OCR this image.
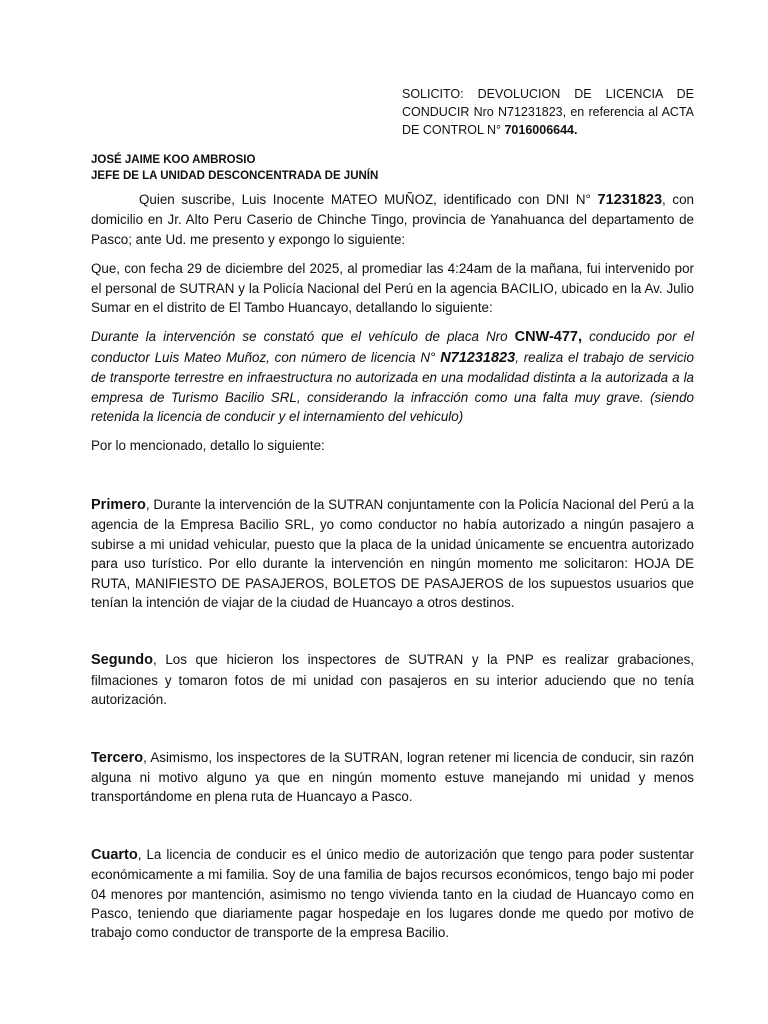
SOLICITO: DEVOLUCION DE LICENCIA DE CONDUCIR Nro N71231823, en referencia al ACTA DE CONTROL N° 7016006644.
JOSÉ JAIME KOO AMBROSIO
JEFE DE LA UNIDAD DESCONCENTRADA DE JUNÍN

Quien suscribe, Luis Inocente MATEO MUÑOZ, identificado con DNI N° 71231823, con domicilio en Jr. Alto Peru Caserio de Chinche Tingo, provincia de Yanahuanca del departamento de Pasco; ante Ud. me presento y expongo lo siguiente:

Que, con fecha 29 de diciembre del 2025, al promediar las 4:24am de la mañana, fui intervenido por el personal de SUTRAN y la Policía Nacional del Perú en la agencia BACILIO, ubicado en la Av. Julio Sumar en el distrito de El Tambo Huancayo, detallando lo siguiente:

Durante la intervención se constató que el vehículo de placa Nro CNW-477, conducido por el conductor Luis Mateo Muñoz, con número de licencia N° N71231823, realiza el trabajo de servicio de transporte terrestre en infraestructura no autorizada en una modalidad distinta a la autorizada a la empresa de Turismo Bacilio SRL, considerando la infracción como una falta muy grave. (siendo retenida la licencia de conducir y el internamiento del vehiculo)

Por lo mencionado, detallo lo siguiente:

Primero, Durante la intervención de la SUTRAN conjuntamente con la Policía Nacional del Perú a la agencia de la Empresa Bacilio SRL, yo como conductor no había autorizado a ningún pasajero a subirse a mi unidad vehicular, puesto que la placa de la unidad únicamente se encuentra autorizado para uso turístico. Por ello durante la intervención en ningún momento me solicitaron: HOJA DE RUTA, MANIFIESTO DE PASAJEROS, BOLETOS DE PASAJEROS de los supuestos usuarios que tenían la intención de viajar de la ciudad de Huancayo a otros destinos.

Segundo, Los que hicieron los inspectores de SUTRAN y la PNP es realizar grabaciones, filmaciones y tomaron fotos de mi unidad con pasajeros en su interior aduciendo que no tenía autorización.

Tercero, Asimismo, los inspectores de la SUTRAN, logran retener mi licencia de conducir, sin razón alguna ni motivo alguno ya que en ningún momento estuve manejando mi unidad y menos transportándome en plena ruta de Huancayo a Pasco.

Cuarto, La licencia de conducir es el único medio de autorización que tengo para poder sustentar económicamente a mi familia. Soy de una familia de bajos recursos económicos, tengo bajo mi poder 04 menores por mantención, asimismo no tengo vivienda tanto en la ciudad de Huancayo como en Pasco, teniendo que diariamente pagar hospedaje en los lugares donde me quedo por motivo de trabajo como conductor de transporte de la empresa Bacilio.
